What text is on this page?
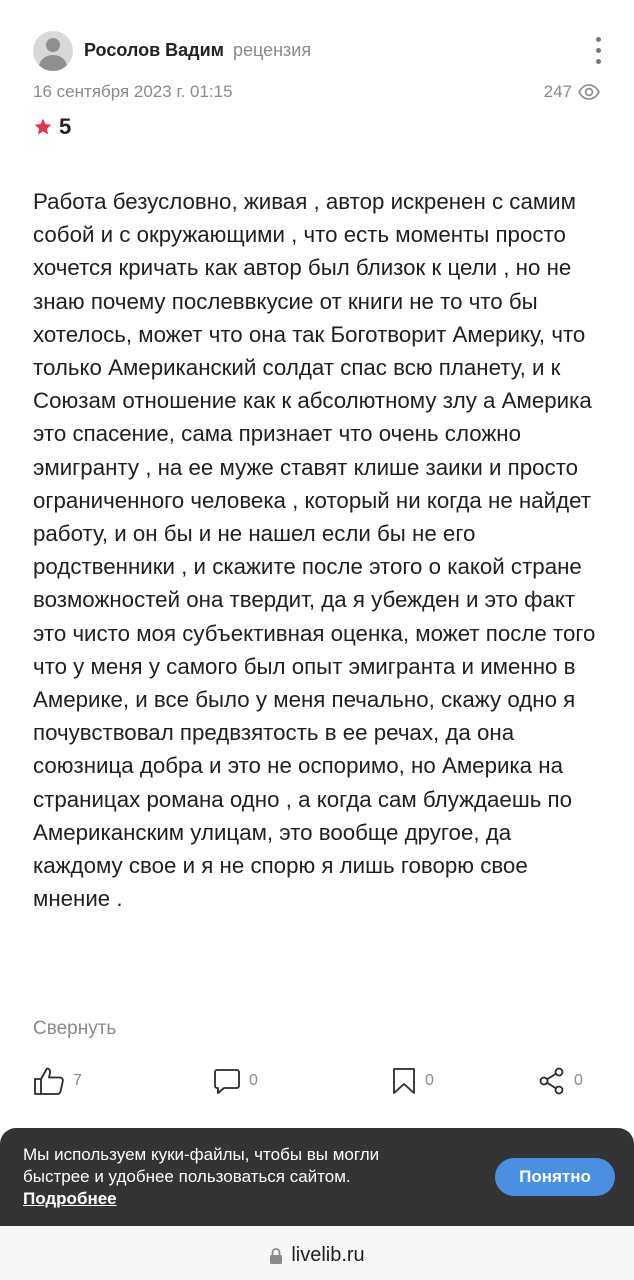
Росолов Вадим рецензия
16 сентября 2023 г. 01:15	247
5

Работа безусловно, живая , автор искренен с самим собой и с окружающими , что есть моменты просто хочется кричать как автор был близок к цели , но не знаю почему послеввкусие от книги не то что бы хотелось, может что она так Боготворит Америку, что только Американский солдат спас всю планету, и к Союзам отношение как к абсолютному злу а Америка это спасение, сама признает что очень сложно эмигранту , на ее муже ставят клише заики и просто ограниченного человека , который ни когда не найдет работу, и он бы и не нашел если бы не его родственники , и скажите после этого о какой стране возможностей она твердит, да я убежден и это факт это чисто моя субъективная оценка, может после того что у меня у самого был опыт эмигранта и именно в Америке, и все было у меня печально, скажу одно я почувствовал предвзятость в ее речах, да она союзница добра и это не оспоримо, но Америка на страницах романа одно , а когда сам блуждаешь по Американским улицам, это вообще другое, да каждому свое и я не спорю я лишь говорю свое мнение .

Свернуть
7	0	0	0
Мы используем куки-файлы, чтобы вы могли быстрее и удобнее пользоваться сайтом. Подробнее
Понятно
livelib.ru
